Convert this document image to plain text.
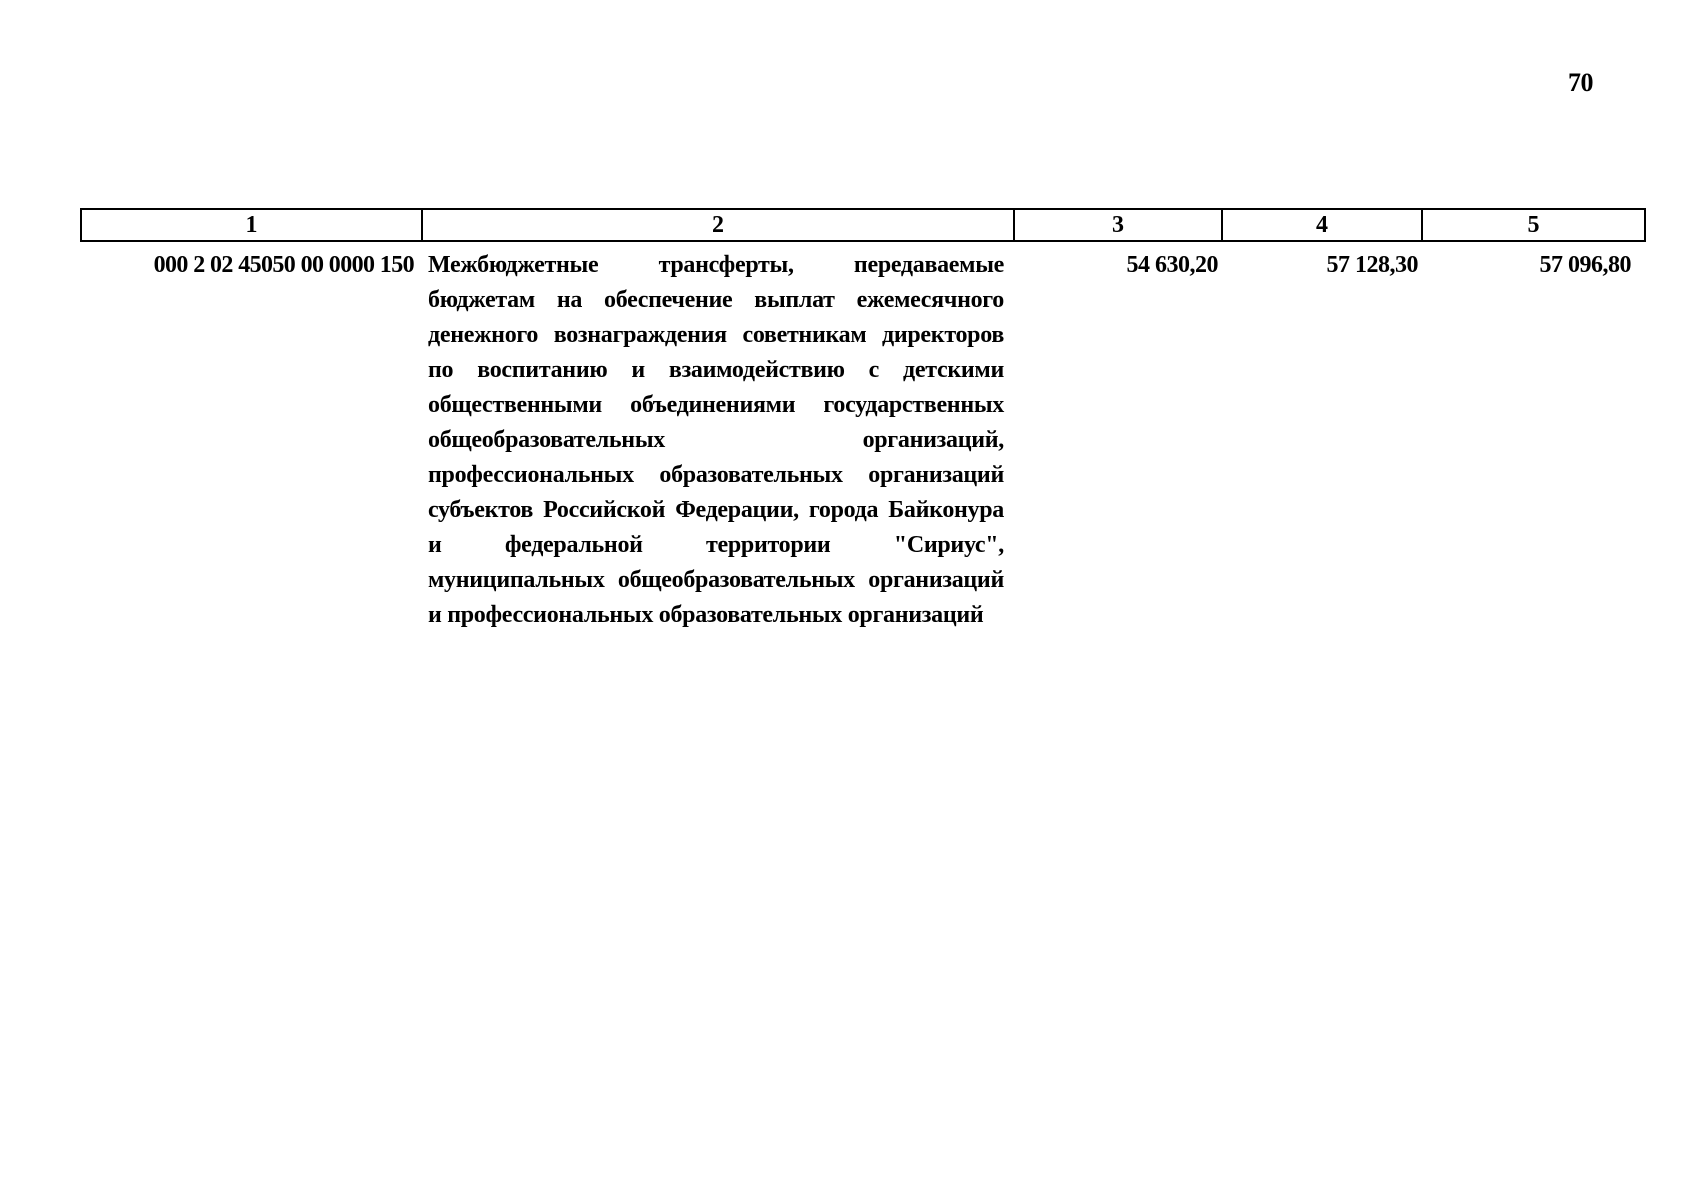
70
1	2	3	4	5
000 2 02 45050 00 0000 150	Межбюджетные трансферты, передаваемые бюджетам на обеспечение выплат ежемесячного денежного вознаграждения советникам директоров по воспитанию и взаимодействию с детскими общественными объединениями государственных общеобразовательных организаций, профессиональных образовательных организаций субъектов Российской Федерации, города Байконура и федеральной территории "Сириус", муниципальных общеобразовательных организаций и профессиональных образовательных организаций	54 630,20	57 128,30	57 096,80
